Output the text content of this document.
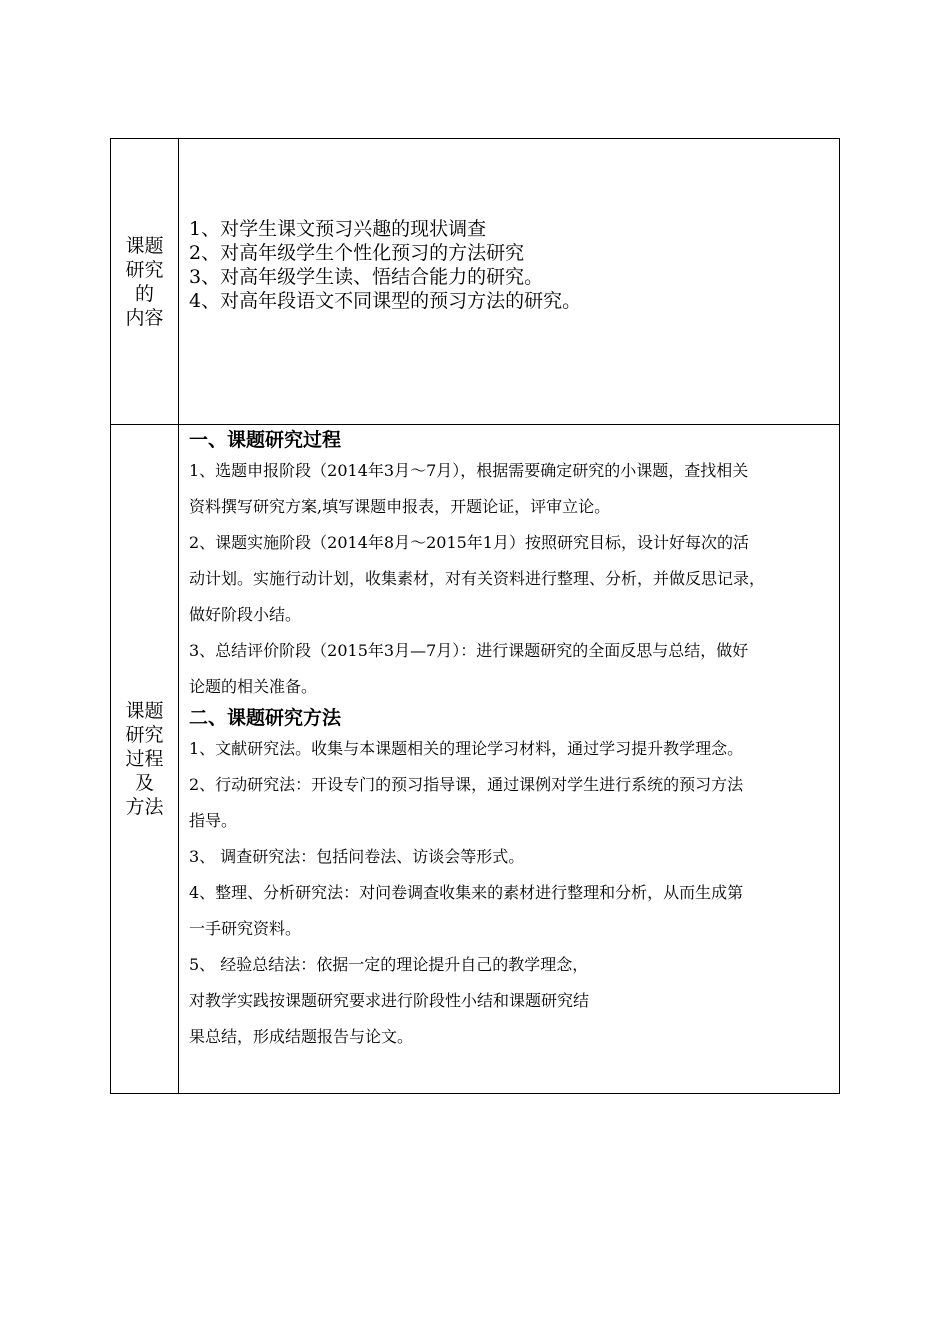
课题
研究
的
内容
1、对学生课文预习兴趣的现状调查
2、对高年级学生个性化预习的方法研究
3、对高年级学生读、悟结合能力的研究。
4、对高年段语文不同课型的预习方法的研究。
课题
研究
过程
及
方法
一、课题研究过程
1、选题申报阶段（2014年3月～7月），根据需要确定研究的小课题，查找相关
资料撰写研究方案,填写课题申报表，开题论证，评审立论。
2、课题实施阶段（2014年8月～2015年1月）按照研究目标，设计好每次的活
动计划。实施行动计划，收集素材，对有关资料进行整理、分析，并做反思记录，
做好阶段小结。
3、总结评价阶段（2015年3月—7月）：进行课题研究的全面反思与总结，做好
论题的相关准备。
二、课题研究方法
1、文献研究法。收集与本课题相关的理论学习材料，通过学习提升教学理念。
2、行动研究法：开设专门的预习指导课，通过课例对学生进行系统的预习方法
指导。
3、 调查研究法：包括问卷法、访谈会等形式。
4、整理、分析研究法：对问卷调查收集来的素材进行整理和分析，从而生成第
一手研究资料。
5、 经验总结法：依据一定的理论提升自己的教学理念，
对教学实践按课题研究要求进行阶段性小结和课题研究结
果总结，形成结题报告与论文。
